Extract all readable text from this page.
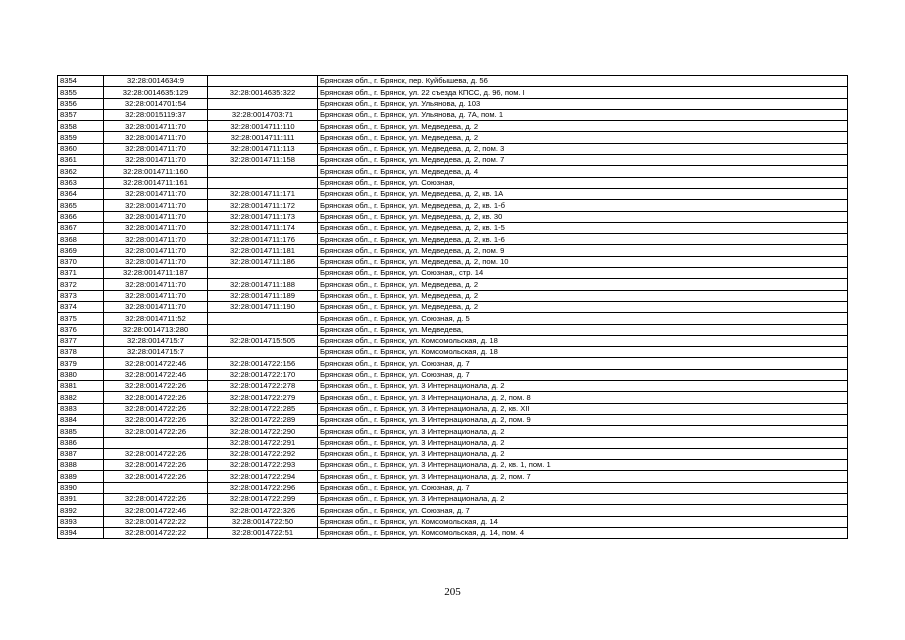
8354	32:28:0014634:9		Брянская обл., г. Брянск, пер. Куйбышева, д. 56
8355	32:28:0014635:129	32:28:0014635:322	Брянская обл., г. Брянск, ул. 22 съезда КПСС, д. 96, пом. I
8356	32:28:0014701:54		Брянская обл., г. Брянск, ул. Ульянова, д. 103
8357	32:28:0015119:37	32:28:0014703:71	Брянская обл., г. Брянск, ул. Ульянова, д. 7А, пом. 1
8358	32:28:0014711:70	32:28:0014711:110	Брянская обл., г. Брянск, ул. Медведева, д. 2
8359	32:28:0014711:70	32:28:0014711:111	Брянская обл., г. Брянск, ул. Медведева, д. 2
8360	32:28:0014711:70	32:28:0014711:113	Брянская обл., г. Брянск, ул. Медведева, д. 2, пом. 3
8361	32:28:0014711:70	32:28:0014711:158	Брянская обл., г. Брянск, ул. Медведева, д. 2, пом. 7
8362	32:28:0014711:160		Брянская обл., г. Брянск, ул. Медведева, д. 4
8363	32:28:0014711:161		Брянская обл., г. Брянск, ул. Союзная,
8364	32:28:0014711:70	32:28:0014711:171	Брянская обл., г. Брянск, ул. Медведева, д. 2, кв. 1А
8365	32:28:0014711:70	32:28:0014711:172	Брянская обл., г. Брянск, ул. Медведева, д. 2, кв. 1-б
8366	32:28:0014711:70	32:28:0014711:173	Брянская обл., г. Брянск, ул. Медведева, д. 2, кв. 30
8367	32:28:0014711:70	32:28:0014711:174	Брянская обл., г. Брянск, ул. Медведева, д. 2, кв. 1-5
8368	32:28:0014711:70	32:28:0014711:176	Брянская обл., г. Брянск, ул. Медведева, д. 2, кв. 1-6
8369	32:28:0014711:70	32:28:0014711:181	Брянская обл., г. Брянск, ул. Медведева, д. 2, пом. 9
8370	32:28:0014711:70	32:28:0014711:186	Брянская обл., г. Брянск, ул. Медведева, д. 2, пом. 10
8371	32:28:0014711:187		Брянская обл., г. Брянск, ул. Союзная,, стр. 14
8372	32:28:0014711:70	32:28:0014711:188	Брянская обл., г. Брянск, ул. Медведева, д. 2
8373	32:28:0014711:70	32:28:0014711:189	Брянская обл., г. Брянск, ул. Медведева, д. 2
8374	32:28:0014711:70	32:28:0014711:190	Брянская обл., г. Брянск, ул. Медведева, д. 2
8375	32:28:0014711:52		Брянская обл., г. Брянск, ул. Союзная, д. 5
8376	32:28:0014713:280		Брянская обл., г. Брянск, ул. Медведева,
8377	32:28:0014715:7	32:28:0014715:505	Брянская обл., г. Брянск, ул. Комсомольская, д. 18
8378	32:28:0014715:7		Брянская обл., г. Брянск, ул. Комсомольская, д. 18
8379	32:28:0014722:46	32:28:0014722:156	Брянская обл., г. Брянск, ул. Союзная, д. 7
8380	32:28:0014722:46	32:28:0014722:170	Брянская обл., г. Брянск, ул. Союзная, д. 7
8381	32:28:0014722:26	32:28:0014722:278	Брянская обл., г. Брянск, ул. 3 Интернационала, д. 2
8382	32:28:0014722:26	32:28:0014722:279	Брянская обл., г. Брянск, ул. 3 Интернационала, д. 2, пом. 8
8383	32:28:0014722:26	32:28:0014722:285	Брянская обл., г. Брянск, ул. 3 Интернационала, д. 2, кв. XII
8384	32:28:0014722:26	32:28:0014722:289	Брянская обл., г. Брянск, ул. 3 Интернационала, д. 2, пом. 9
8385	32:28:0014722:26	32:28:0014722:290	Брянская обл., г. Брянск, ул. 3 Интернационала, д. 2
8386		32:28:0014722:291	Брянская обл., г. Брянск, ул. 3 Интернационала, д. 2
8387	32:28:0014722:26	32:28:0014722:292	Брянская обл., г. Брянск, ул. 3 Интернационала, д. 2
8388	32:28:0014722:26	32:28:0014722:293	Брянская обл., г. Брянск, ул. 3 Интернационала, д. 2, кв. 1, пом. 1
8389	32:28:0014722:26	32:28:0014722:294	Брянская обл., г. Брянск, ул. 3 Интернационала, д. 2, пом. 7
8390		32:28:0014722:296	Брянская обл., г. Брянск, ул. Союзная, д. 7
8391	32:28:0014722:26	32:28:0014722:299	Брянская обл., г. Брянск, ул. 3 Интернационала, д. 2
8392	32:28:0014722:46	32:28:0014722:326	Брянская обл., г. Брянск, ул. Союзная, д. 7
8393	32:28:0014722:22	32:28:0014722:50	Брянская обл., г. Брянск, ул. Комсомольская, д. 14
8394	32:28:0014722:22	32:28:0014722:51	Брянская обл., г. Брянск, ул. Комсомольская, д. 14, пом. 4
205
